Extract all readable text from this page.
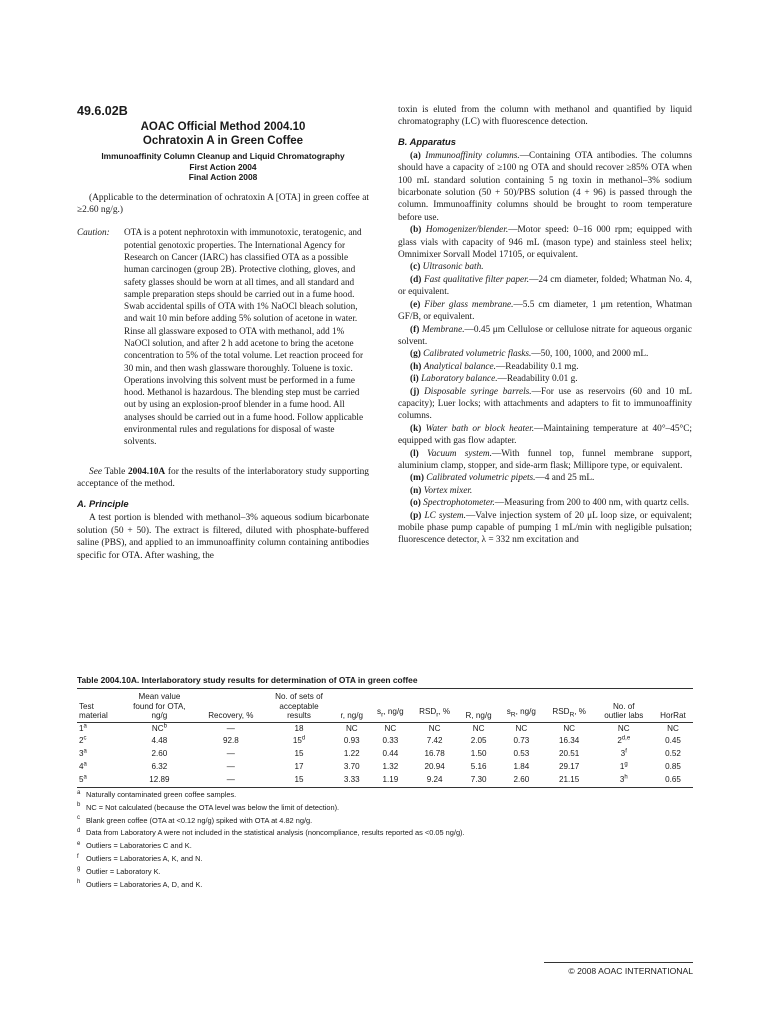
49.6.02B
AOAC Official Method 2004.10
Ochratoxin A in Green Coffee
Immunoaffinity Column Cleanup and Liquid Chromatography
First Action 2004
Final Action 2008

(Applicable to the determination of ochratoxin A [OTA] in green coffee at ≥2.60 ng/g.)

Caution:	OTA is a potent nephrotoxin with immunotoxic, teratogenic, and potential genotoxic properties. The International Agency for Research on Cancer (IARC) has classified OTA as a possible human carcinogen (group 2B). Protective clothing, gloves, and safety glasses should be worn at all times, and all standard and sample preparation steps should be carried out in a fume hood. Swab accidental spills of OTA with 1% NaOCl bleach solution, and wait 10 min before adding 5% solution of acetone in water. Rinse all glassware exposed to OTA with methanol, add 1% NaOCl solution, and after 2 h add acetone to bring the acetone concentration to 5% of the total volume. Let reaction proceed for 30 min, and then wash glassware thoroughly. Toluene is toxic. Operations involving this solvent must be performed in a fume hood. Methanol is hazardous. The blending step must be carried out by using an explosion-proof blender in a fume hood. All analyses should be carried out in a fume hood. Follow applicable environmental rules and regulations for disposal of waste solvents.

See Table 2004.10A for the results of the interlaboratory study supporting acceptance of the method.

A. Principle

A test portion is blended with methanol–3% aqueous sodium bicarbonate solution (50 + 50). The extract is filtered, diluted with phosphate-buffered saline (PBS), and applied to an immunoaffinity column containing antibodies specific for OTA. After washing, the

toxin is eluted from the column with methanol and quantified by liquid chromatography (LC) with fluorescence detection.

B. Apparatus

(a) Immunoaffinity columns.—Containing OTA antibodies. The columns should have a capacity of ≥100 ng OTA and should recover ≥85% OTA when 100 mL standard solution containing 5 ng toxin in methanol–3% sodium bicarbonate solution (50 + 50)/PBS solution (4 + 96) is passed through the column. Immunoaffinity columns should be brought to room temperature before use.

(b) Homogenizer/blender.—Motor speed: 0–16 000 rpm; equipped with glass vials with capacity of 946 mL (mason type) and stainless steel helix; Omnimixer Sorvall Model 17105, or equivalent.

(c) Ultrasonic bath.

(d) Fast qualitative filter paper.—24 cm diameter, folded; Whatman No. 4, or equivalent.

(e) Fiber glass membrane.—5.5 cm diameter, 1 μm retention, Whatman GF/B, or equivalent.

(f) Membrane.—0.45 μm Cellulose or cellulose nitrate for aqueous organic solvent.

(g) Calibrated volumetric flasks.—50, 100, 1000, and 2000 mL.

(h) Analytical balance.—Readability 0.1 mg.

(i) Laboratory balance.—Readability 0.01 g.

(j) Disposable syringe barrels.—For use as reservoirs (60 and 10 mL capacity); Luer locks; with attachments and adapters to fit to immunoaffinity columns.

(k) Water bath or block heater.—Maintaining temperature at 40°–45°C; equipped with gas flow adapter.

(l) Vacuum system.—With funnel top, funnel membrane support, aluminium clamp, stopper, and side-arm flask; Millipore type, or equivalent.

(m) Calibrated volumetric pipets.—4 and 25 mL.

(n) Vortex mixer.

(o) Spectrophotometer.—Measuring from 200 to 400 nm, with quartz cells.

(p) LC system.—Valve injection system of 20 μL loop size, or equivalent; mobile phase pump capable of pumping 1 mL/min with negligible pulsation; fluorescence detector, λ = 332 nm excitation and

Table 2004.10A. Interlaboratory study results for determination of OTA in green coffee
Test
material	Mean value
found for OTA,
ng/g	Recovery, %	No. of sets of
acceptable
results	r, ng/g	$s_r$, ng/g	$RSD_r$, %	R, ng/g	$s_R$, ng/g	$RSD_R$, %	No. of
outlier labs	HorRat
1$^a$	$NC^b$	—	18	NC	NC	NC	NC	NC	NC	NC	NC
2$^c$	4.48	92.8	15$^d$	0.93	0.33	7.42	2.05	0.73	16.34	2$^{d,e}$	0.45
3$^a$	2.60	—	15	1.22	0.44	16.78	1.50	0.53	20.51	3$^f$	0.52
4$^a$	6.32	—	17	3.70	1.32	20.94	5.16	1.84	29.17	1$^g$	0.85
5$^a$	12.89	—	15	3.33	1.19	9.24	7.30	2.60	21.15	3$^h$	0.65
$^a$ Naturally contaminated green coffee samples.
$^b$ NC = Not calculated (because the OTA level was below the limit of detection).
$^c$ Blank green coffee (OTA at <0.12 ng/g) spiked with OTA at 4.82 ng/g.
$^d$ Data from Laboratory A were not included in the statistical analysis (noncompliance, results reported as <0.05 ng/g).
$^e$ Outliers = Laboratories C and K.
$^f$ Outliers = Laboratories A, K, and N.
$^g$ Outlier = Laboratory K.
$^h$ Outliers = Laboratories A, D, and K.
© 2008 AOAC INTERNATIONAL
